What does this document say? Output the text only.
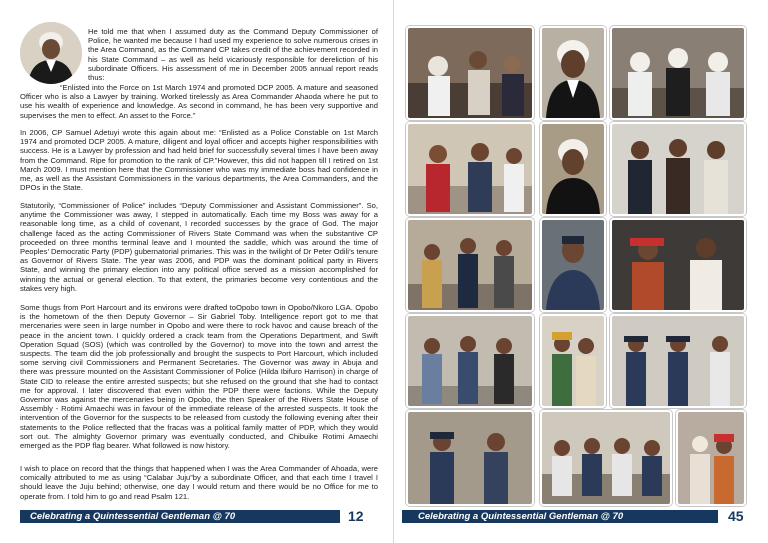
He told me that when I assumed duty as the Command Deputy Commissioner of Police, he wanted me because I had used my experience to solve numerous crises in the Area Command, as the Command CP takes credit of the achievement recorded in his State Command – as well as held vicariously responsible for dereliction of his subordinate Officers. His assessment of me in December 2005 annual report reads thus:

“Enlisted into the Force on 1st March 1974 and promoted DCP 2005. A mature and seasoned Officer who is also a Lawyer by training. Worked tirelessly as Area Commander Ahaoda where he put to use his wealth of experience and knowledge. As second in command, he has been very supportive and supervises the men to effect. An asset to the Force.”

In 2006, CP Samuel Adetuyi wrote this again about me: “Enlisted as a Police Constable on 1st March 1974 and promoted DCP 2005. A mature, diligent and loyal officer and accepts higher responsibilities with success. He is a Lawyer by profession and had held brief for successfully several times I have been away from the Command. Ripe for promotion to the rank of CP.”However, this did not happen till I retired on 1st March 2009. I must mention here that the Commissioner who was my immediate boss had confidence in me, as well as the Assistant Commissioners in the various departments, the Area Commanders, and the DPOs in the State.

Statutorily, “Commissioner of Police” includes “Deputy Commissioner and Assistant Commissioner”. So, anytime the Commissioner was away, I stepped in automatically. Each time my Boss was away for a reasonable long time, as a child of covenant, I recorded successes by the grace of God. The major challenge faced as the acting Commissioner of Rivers State Command was when the substantive CP proceeded on three months terminal leave and I mounted the saddle, which was around the time of Peoples’ Democratic Party (PDP) gubernatorial primaries. This was in the twilight of Dr Peter Odili’s tenure as Governor of Rivers State. The year was 2006, and PDP was the dominant political party in Rivers State, and winning the primary election into any political office served as a mission accomplished for winning the actual or general election. To that extent, the primaries become very contentious and the stakes very high.

Some thugs from Port Harcourt and its environs were drafted toOpobo town in Opobo/Nkoro LGA. Opobo is the hometown of the then Deputy Governor – Sir Gabriel Toby. Intelligence report got to me that mercenaries were seen in large number in Opobo and were there to rock havoc and cause breach of the peace in the ancient town. I quickly ordered a crack team from the Operations Department, and Swift Operation Squad (SOS) (which was controlled by the Governor) to move into the town and arrest the suspects. The team did the job professionally and brought the suspects to Port Harcourt, which included some serving civil Commissioners and Permanent Secretaries. The Governor was away in Abuja and there was pressure mounted on the Assistant Commissioner of Police (Hilda Ibifuro Harrison) in charge of State CID to release the entire arrested suspects; but she refused on the ground that she had to contact me for approval. I later discovered that even within the PDP there were factions. While the Deputy Governor was against the mercenaries being in Opobo, the then Speaker of the Rivers State House of Assembly - Rotimi Amaechi was in favour of the immediate release of the arrested suspects. It took the intervention of the Governor for the suspects to be released from custody the following evening after their statements to the Police reflected that the fracas was a political family matter of PDP, which they would sort out. The almighty Governor primary was eventually conducted, and Chibuike Rotimi Amaechi emerged as the PDP flag bearer. What followed is now history.

I wish to place on record that the things that happened when I was the Area Commander of Ahoada, were comically attributed to me as using “Calabar Juju”by a subordinate Officer, and that each time I travel I should leave the Juju behind; otherwise, one day I would return and there would be no Office for me to operate from. I told him to go and read Psalm 121.

Celebrating a Quintessential Gentleman @ 70	12	Celebrating a Quintessential Gentleman @ 70	45
